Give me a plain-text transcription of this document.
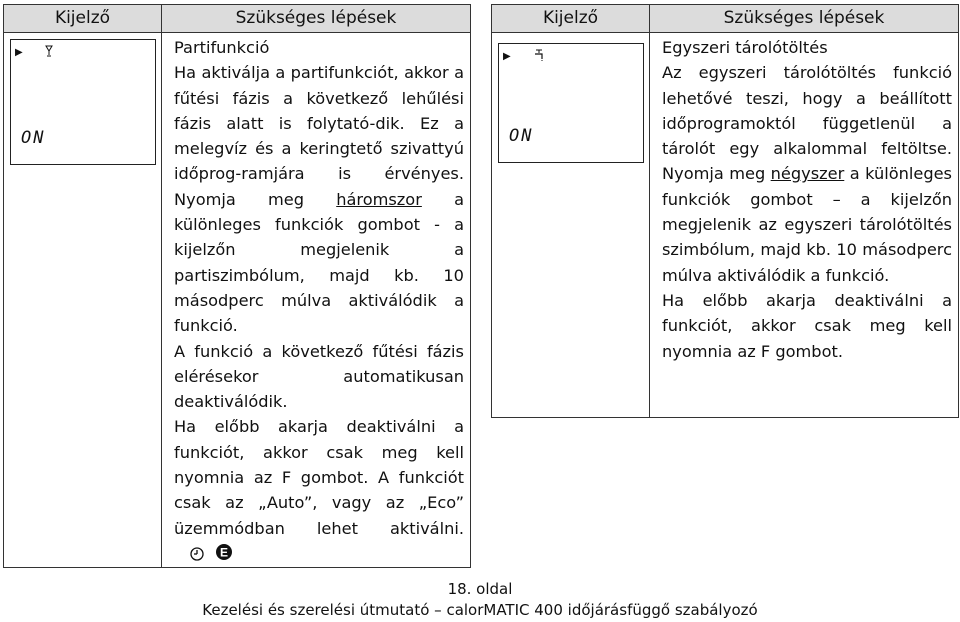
Kijelző	Szükséges lépések
▶
ON

Partifunkció

Ha aktiválja a partifunkciót, akkor a fűtési fázis a következő lehűlési fázis alatt is folytató-dik. Ez a melegvíz és a keringtető szivattyú időprog-ramjára is érvényes. Nyomja meg háromszor a különleges funkciók gombot - a kijelzőn megjelenik a partiszimbólum, majd kb. 10 másodperc múlva aktiválódik a funkció.

A funkció a következő fűtési fázis elérésekor automatikusan deaktiválódik.

Ha előbb akarja deaktiválni a funkciót, akkor csak meg kell nyomnia az F gombot. A funkciót csak az „Auto”, vagy az „Eco” üzemmódban lehet aktiválni.
E

Kijelző	Szükséges lépések
▶
ON

Egyszeri tárolótöltés

Az egyszeri tárolótöltés funkció lehetővé teszi, hogy a beállított időprogramoktól függetlenül a tárolót egy alkalommal feltöltse. Nyomja meg négyszer a különleges funkciók gombot – a kijelzőn megjelenik az egyszeri tárolótöltés szimbólum, majd kb. 10 másodperc múlva aktiválódik a funkció.

Ha előbb akarja deaktiválni a funkciót, akkor csak meg kell nyomnia az F gombot.

18. oldal
Kezelési és szerelési útmutató – calorMATIC 400 időjárásfüggő szabályozó
